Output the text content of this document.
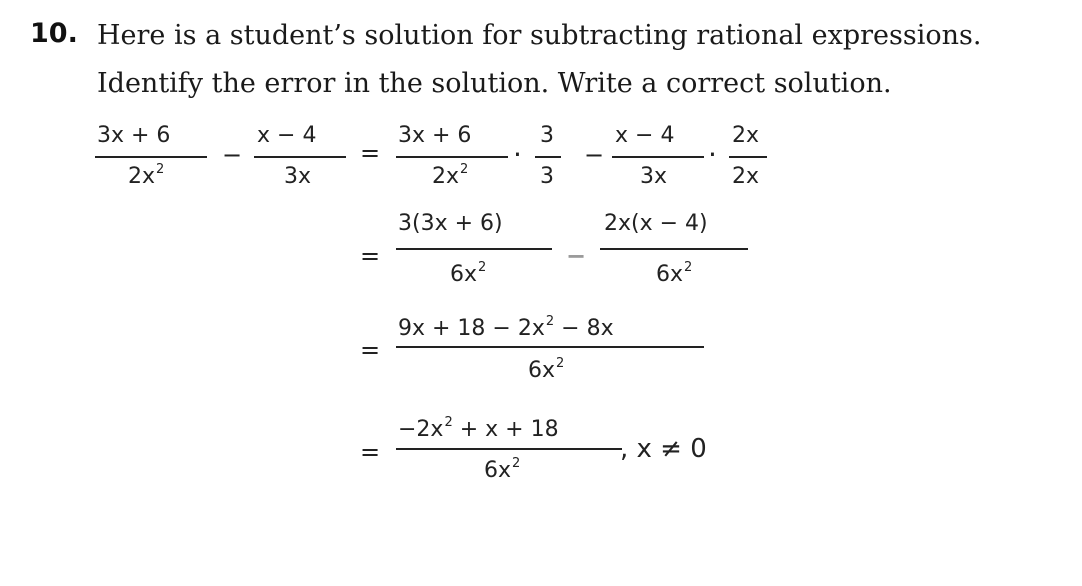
10. Here is a student’s solution for subtracting rational expressions.
Identify the error in the solution. Write a correct solution.
3x + 6
$2x^2$
−
x − 4
3x
=
3x + 6
$2x^2$ ·
3
3
−
x − 4
3x
·
2x
2x
=
3(3x + 6)
$6x^2$	−
2x(x − 4)
$6x^2$
=
$9x + 18 - 2x^2 - 8x$
$6x^2$
=
$-2x^2 + x + 18$
$6x^2$	, x ≠ 0
